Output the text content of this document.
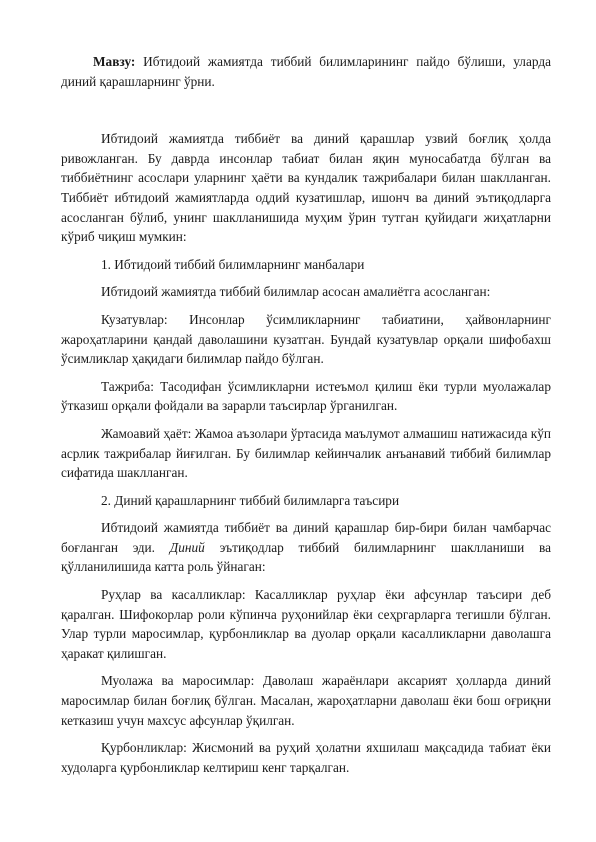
Мавзу: Ибтидоий жамиятда тиббий билимларининг пайдо бўлиши, уларда диний қарашларнинг ўрни.

Ибтидоий жамиятда тиббиёт ва диний қарашлар узвий боғлиқ ҳолда ривожланган. Бу даврда инсонлар табиат билан яқин муносабатда бўлган ва тиббиётнинг асослари уларнинг ҳаёти ва кундалик тажрибалари билан шаклланган. Тиббиёт ибтидоий жамиятларда оддий кузатишлар, ишонч ва диний эътиқодларга асосланган бўлиб, унинг шаклланишида муҳим ўрин тутган қуйидаги жиҳатларни кўриб чиқиш мумкин:

1. Ибтидоий тиббий билимларнинг манбалари

Ибтидоий жамиятда тиббий билимлар асосан амалиётга асосланган:

Кузатувлар: Инсонлар ўсимликларнинг табиатини, ҳайвонларнинг жароҳатларини қандай даволашини кузатган. Бундай кузатувлар орқали шифобахш ўсимликлар ҳақидаги билимлар пайдо бўлган.

Тажриба: Тасодифан ўсимликларни истеъмол қилиш ёки турли муолажалар ўтказиш орқали фойдали ва зарарли таъсирлар ўрганилган.

Жамоавий ҳаёт: Жамоа аъзолари ўртасида маълумот алмашиш натижасида кўп асрлик тажрибалар йиғилган. Бу билимлар кейинчалик анъанавий тиббий билимлар сифатида шаклланган.

2. Диний қарашларнинг тиббий билимларга таъсири

Ибтидоий жамиятда тиббиёт ва диний қарашлар бир-бири билан чамбарчас боғланган эди. Диний эътиқодлар тиббий билимларнинг шаклланиши ва қўлланилишида катта роль ўйнаган:

Руҳлар ва касалликлар: Касалликлар руҳлар ёки афсунлар таъсири деб қаралган. Шифокорлар роли кўпинча руҳонийлар ёки сеҳргарларга тегишли бўлган. Улар турли маросимлар, қурбонликлар ва дуолар орқали касалликларни даволашга ҳаракат қилишган.

Муолажа ва маросимлар: Даволаш жараёнлари аксарият ҳолларда диний маросимлар билан боғлиқ бўлган. Масалан, жароҳатларни даволаш ёки бош оғриқни кетказиш учун махсус афсунлар ўқилган.

Қурбонликлар: Жисмоний ва руҳий ҳолатни яхшилаш мақсадида табиат ёки худоларга қурбонликлар келтириш кенг тарқалган.
